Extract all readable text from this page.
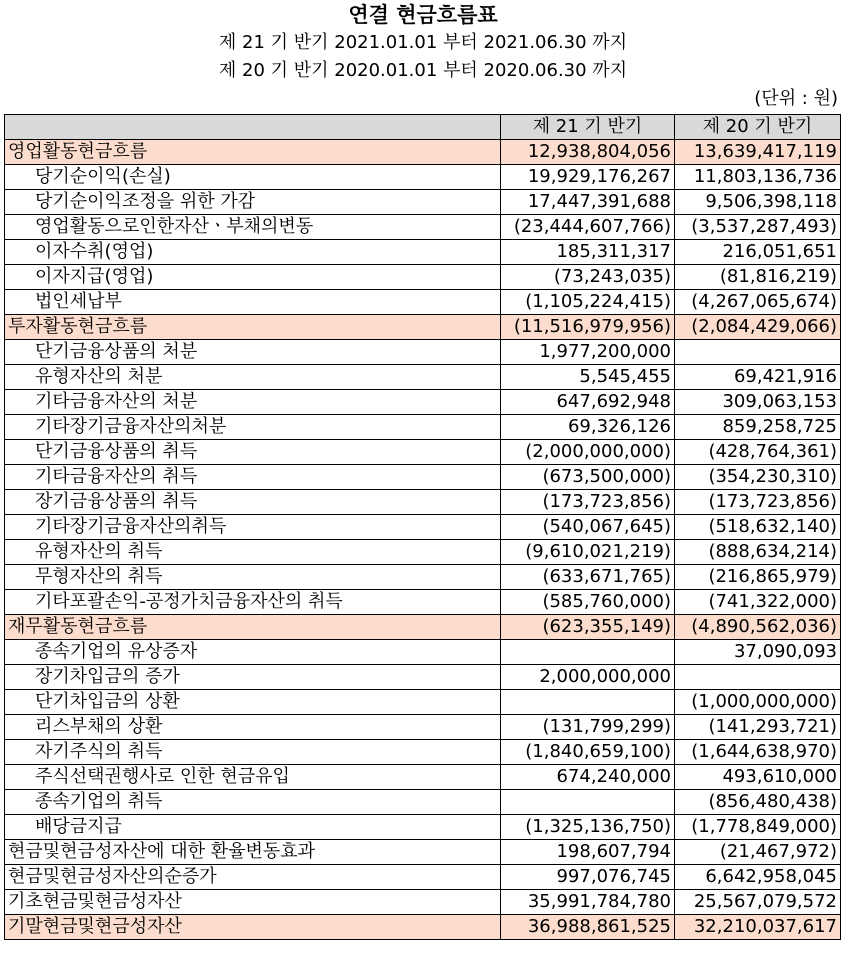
연결 현금흐름표
제 21 기 반기 2021.01.01 부터 2021.06.30 까지
제 20 기 반기 2020.01.01 부터 2020.06.30 까지
(단위 : 원)
	제 21 기 반기	제 20 기 반기
영업활동현금흐름	12,938,804,056	13,639,417,119
당기순이익(손실)	19,929,176,267	11,803,136,736
당기순이익조정을 위한 가감	17,447,391,688	9,506,398,118
영업활동으로인한자산ㆍ부채의변동	(23,444,607,766)	(3,537,287,493)
이자수취(영업)	185,311,317	216,051,651
이자지급(영업)	(73,243,035)	(81,816,219)
법인세납부	(1,105,224,415)	(4,267,065,674)
투자활동현금흐름	(11,516,979,956)	(2,084,429,066)
단기금융상품의 처분	1,977,200,000	
유형자산의 처분	5,545,455	69,421,916
기타금융자산의 처분	647,692,948	309,063,153
기타장기금융자산의처분	69,326,126	859,258,725
단기금융상품의 취득	(2,000,000,000)	(428,764,361)
기타금융자산의 취득	(673,500,000)	(354,230,310)
장기금융상품의 취득	(173,723,856)	(173,723,856)
기타장기금융자산의취득	(540,067,645)	(518,632,140)
유형자산의 취득	(9,610,021,219)	(888,634,214)
무형자산의 취득	(633,671,765)	(216,865,979)
기타포괄손익-공정가치금융자산의 취득	(585,760,000)	(741,322,000)
재무활동현금흐름	(623,355,149)	(4,890,562,036)
종속기업의 유상증자		37,090,093
장기차입금의 증가	2,000,000,000	
단기차입금의 상환		(1,000,000,000)
리스부채의 상환	(131,799,299)	(141,293,721)
자기주식의 취득	(1,840,659,100)	(1,644,638,970)
주식선택권행사로 인한 현금유입	674,240,000	493,610,000
종속기업의 취득		(856,480,438)
배당금지급	(1,325,136,750)	(1,778,849,000)
현금및현금성자산에 대한 환율변동효과	198,607,794	(21,467,972)
현금및현금성자산의순증가	997,076,745	6,642,958,045
기초현금및현금성자산	35,991,784,780	25,567,079,572
기말현금및현금성자산	36,988,861,525	32,210,037,617
